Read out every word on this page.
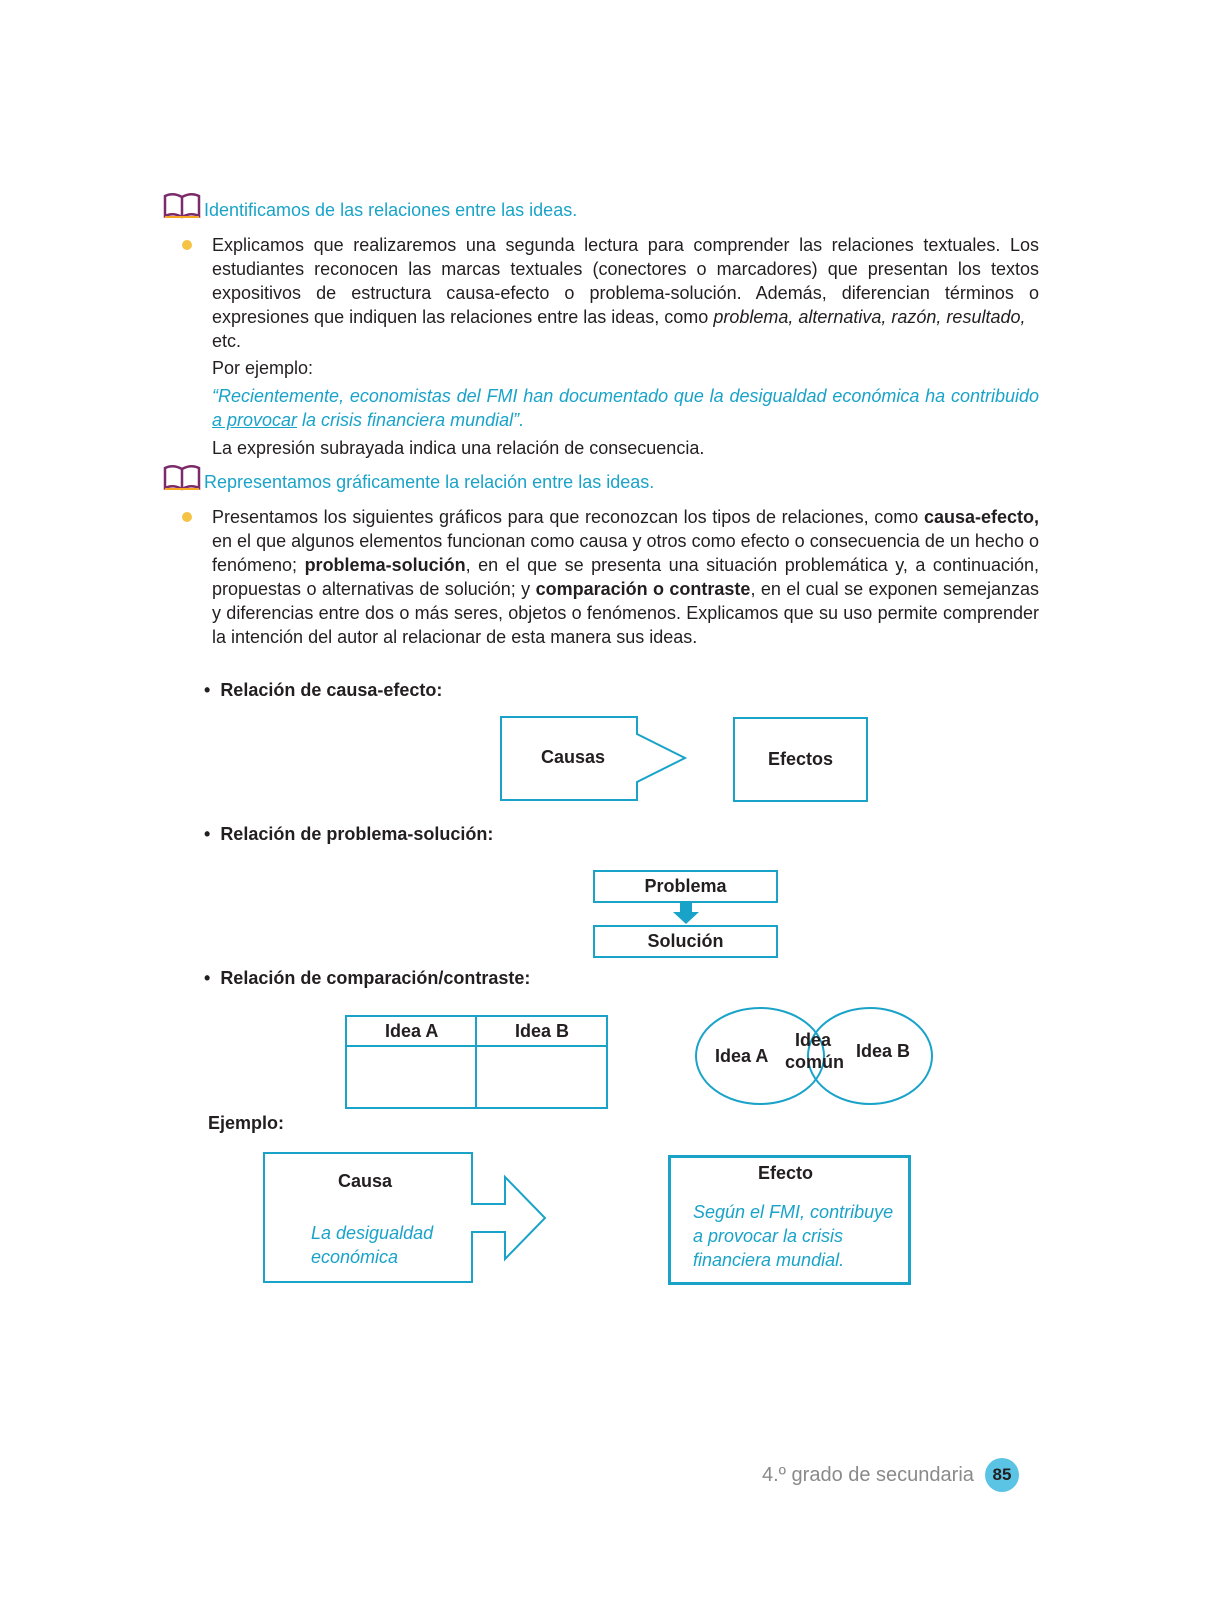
Identificamos de las relaciones entre las ideas.
Explicamos que realizaremos una segunda lectura para comprender las relaciones textuales. Los estudiantes reconocen las marcas textuales (conectores o marcadores) que presentan los textos expositivos de estructura causa-efecto o problema-solución. Además, diferencian términos o expresiones que indiquen las relaciones entre las ideas, como problema, alternativa, razón, resultado,
etc.
Por ejemplo:
“Recientemente, economistas del FMI han documentado que la desigualdad económica ha contribuido a provocar la crisis financiera mundial”.
La expresión subrayada indica una relación de consecuencia.
Representamos gráficamente la relación entre las ideas.
Presentamos los siguientes gráficos para que reconozcan los tipos de relaciones, como causa-efecto, en el que algunos elementos funcionan como causa y otros como efecto o consecuencia de un hecho o fenómeno; problema-solución, en el que se presenta una situación problemática y, a continuación, propuestas o alternativas de solución; y comparación o contraste, en el cual se exponen semejanzas y diferencias entre dos o más seres, objetos o fenómenos. Explicamos que su uso permite comprender la intención del autor al relacionar de esta manera sus ideas.
•  Relación de causa-efecto:
Causas	Efectos
•  Relación de problema-solución:
Problema
Solución
•  Relación de comparación/contraste:
Idea A	Idea B
Idea A
Idea
común
Idea B
Ejemplo:
Causa
La desigualdad
económica
Efecto
Según el FMI, contribuye
a provocar la crisis
financiera mundial.
4.º grado de secundaria	85
